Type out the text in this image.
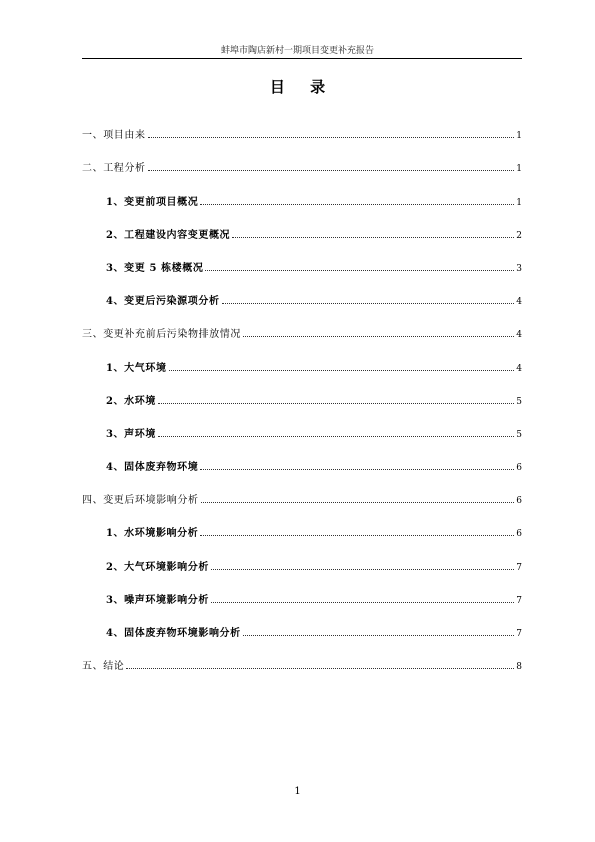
蚌埠市陶店新村一期项目变更补充报告
目 录
一、项目由来	1
二、工程分析	1
1、变更前项目概况	1
2、工程建设内容变更概况	2
3、变更 5 栋楼概况	3
4、变更后污染源项分析	4
三、变更补充前后污染物排放情况	4
1、大气环境	4
2、水环境	5
3、声环境	5
4、固体废弃物环境	6
四、变更后环境影响分析	6
1、水环境影响分析	6
2、大气环境影响分析	7
3、噪声环境影响分析	7
4、固体废弃物环境影响分析	7
五、结论	8
1
